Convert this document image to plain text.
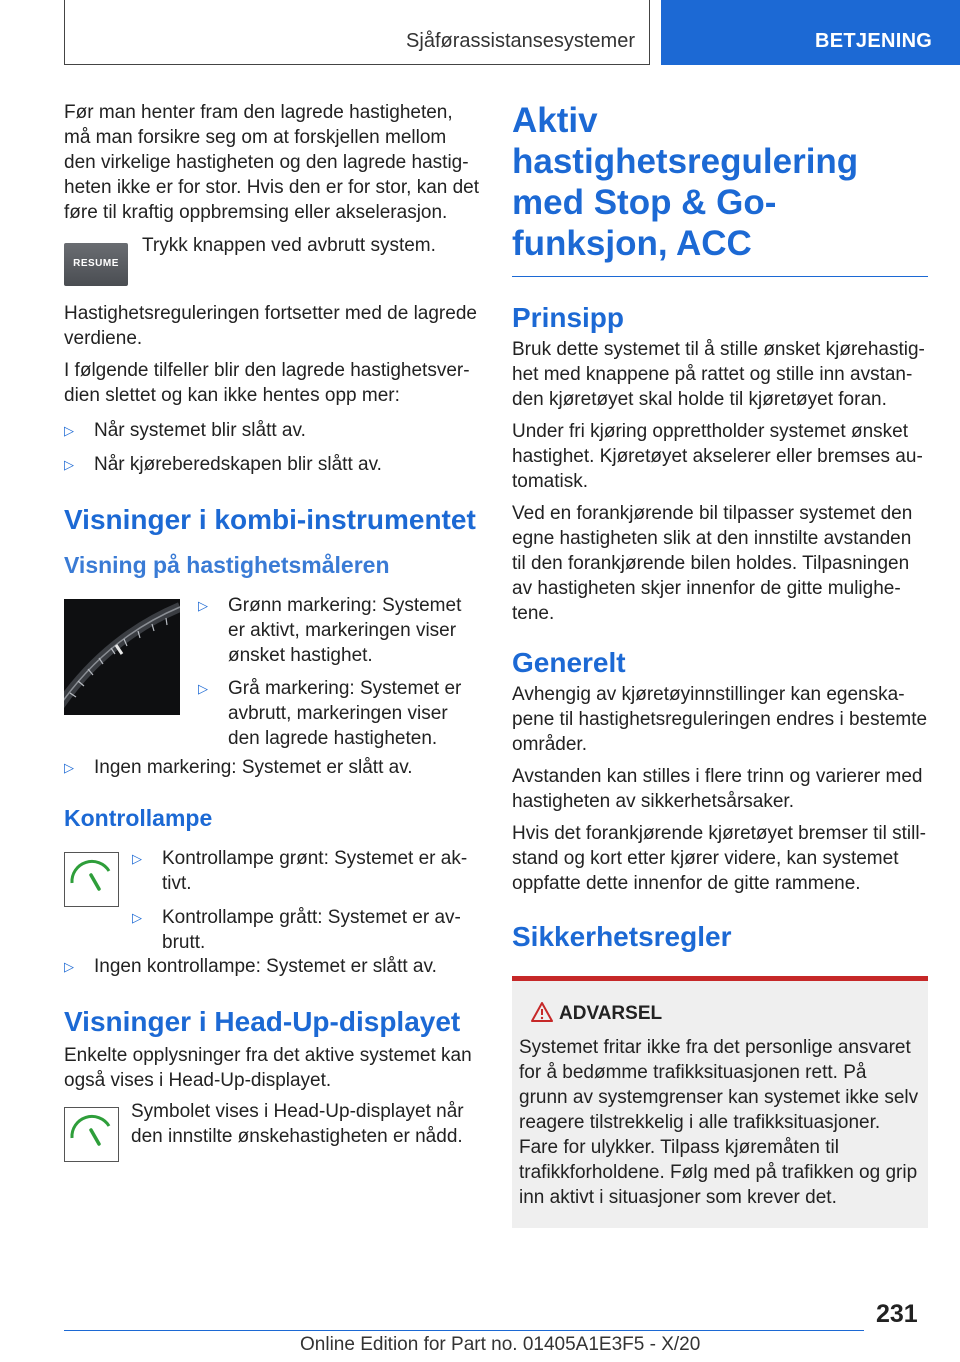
Sjåførassistansesystemer	BETJENING

Før man henter fram den lagrede hastigheten, må man forsikre seg om at forskjellen mellom den virkelige hastigheten og den lagrede hastigheten ikke er for stor. Hvis den er for stor, kan det føre til kraftig oppbremsing eller akselerasjon.

RESUME

Trykk knappen ved avbrutt system.

Hastighetsreguleringen fortsetter med de lagrede verdiene.

I følgende tilfeller blir den lagrede hastighetsverdien slettet og kan ikke hentes opp mer:

▷ Når systemet blir slått av.
▷ Når kjøreberedskapen blir slått av.
Visninger i kombi-instrumentet
Visning på hastighetsmåleren
▷ Grønn markering: Systemet er aktivt, markeringen viser ønsket hastighet.
▷ Grå markering: Systemet er avbrutt, markeringen viser den lagrede hastigheten.
▷ Ingen markering: Systemet er slått av.
Kontrollampe
▷ Kontrollampe grønt: Systemet er aktivt.
▷ Kontrollampe grått: Systemet er avbrutt.
▷ Ingen kontrollampe: Systemet er slått av.
Visninger i Head-Up-displayet

Enkelte opplysninger fra det aktive systemet kan også vises i Head-Up-displayet.

Symbolet vises i Head-Up-displayet når den innstilte ønskehastigheten er nådd.

Aktiv hastighetsregulering med Stop & Go-funksjon, ACC
Prinsipp

Bruk dette systemet til å stille ønsket kjørehastighet med knappene på rattet og stille inn avstanden kjøretøyet skal holde til kjøretøyet foran.

Under fri kjøring opprettholder systemet ønsket hastighet. Kjøretøyet akselerer eller bremses automatisk.

Ved en forankjørende bil tilpasser systemet den egne hastigheten slik at den innstilte avstanden til den forankjørende bilen holdes. Tilpasningen av hastigheten skjer innenfor de gitte mulighetene.

Generelt

Avhengig av kjøretøyinnstillinger kan egenskapene til hastighetsreguleringen endres i bestemte områder.

Avstanden kan stilles i flere trinn og varierer med hastigheten av sikkerhetsårsaker.

Hvis det forankjørende kjøretøyet bremser til stillstand og kort etter kjører videre, kan systemet oppfatte dette innenfor de gitte rammene.

Sikkerhetsregler
ADVARSEL

Systemet fritar ikke fra det personlige ansvaret for å bedømme trafikksituasjonen rett. På grunn av systemgrenser kan systemet ikke selv reagere tilstrekkelig i alle trafikksituasjoner. Fare for ulykker. Tilpass kjøremåten til trafikkforholdene. Følg med på trafikken og grip inn aktivt i situasjoner som krever det.

231
Online Edition for Part no. 01405A1E3F5 - X/20
